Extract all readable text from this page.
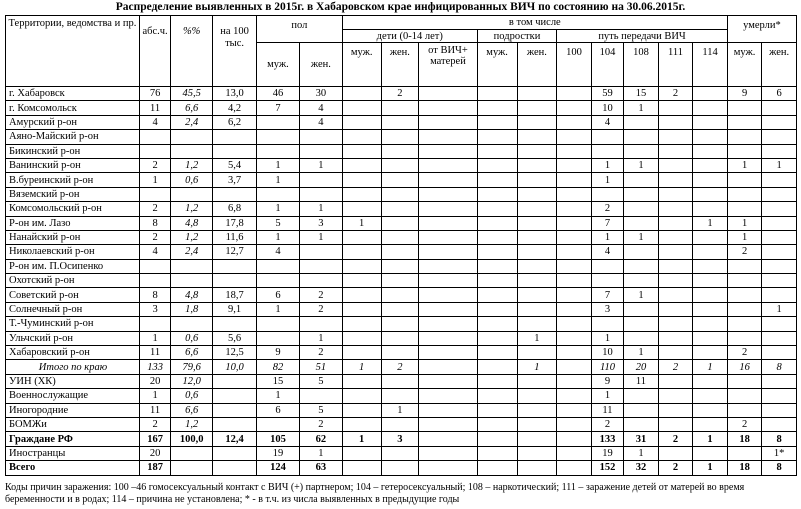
Распределение выявленных в 2015г. в Хабаровском крае инфицированных ВИЧ по состоянию на 30.06.2015г.
Территории, ведомства и пр.	абс.ч.	%%	на 100 тыс.	пол		в том числе										умерли*	
						дети (0-14 лет)			подростки		путь передачи ВИЧ						
				муж.	жен.	муж.	жен.	от ВИЧ+ матерей	муж.	жен.	100	104	108	111	114	муж.	жен.
г. Хабаровск	76	45,5	13,0	46	30		2					59	15	2		9	6
г. Комсомольск	11	6,6	4,2	7	4							10	1				
Амурский р-он	4	2,4	6,2		4							4					
Аяно-Майский р-он																	
Бикинский р-он																	
Ванинский р-он	2	1,2	5,4	1	1							1	1			1	1
В.буреинский р-он	1	0,6	3,7	1								1					
Вяземский р-он																	
Комсомольский р-он	2	1,2	6,8	1	1							2					
Р-он им. Лазо	8	4,8	17,8	5	3	1						7			1	1	
Нанайский р-он	2	1,2	11,6	1	1							1	1			1	
Николаевский р-он	4	2,4	12,7	4								4				2	
Р-он им. П.Осипенко																	
Охотский р-он																	
Советский р-он	8	4,8	18,7	6	2							7	1				
Солнечный р-он	3	1,8	9,1	1	2							3					1
Т.-Чуминский р-он																	
Ульчский р-он	1	0,6	5,6		1					1		1					
Хабаровский р-он	11	6,6	12,5	9	2							10	1			2	
Итого по краю	133	79,6	10,0	82	51	1	2			1		110	20	2	1	16	8
УИН (ХК)	20	12,0		15	5							9	11				
Военнослужащие	1	0,6		1								1					
Иногородние	11	6,6		6	5		1					11					
БОМЖи	2	1,2			2							2				2	
Граждане РФ	167	100,0	12,4	105	62	1	3					133	31	2	1	18	8
Иностранцы	20			19	1							19	1				1*
Всего	187			124	63							152	32	2	1	18	8
Коды причин заражения: 100 –46 гомосексуальный контакт с ВИЧ (+) партнером; 104 – гетеросексуальный; 108 – наркотический; 111 – заражение детей от матерей во время беременности и в родах; 114 – причина не установлена; * - в т.ч. из числа выявленных в предыдущие годы
